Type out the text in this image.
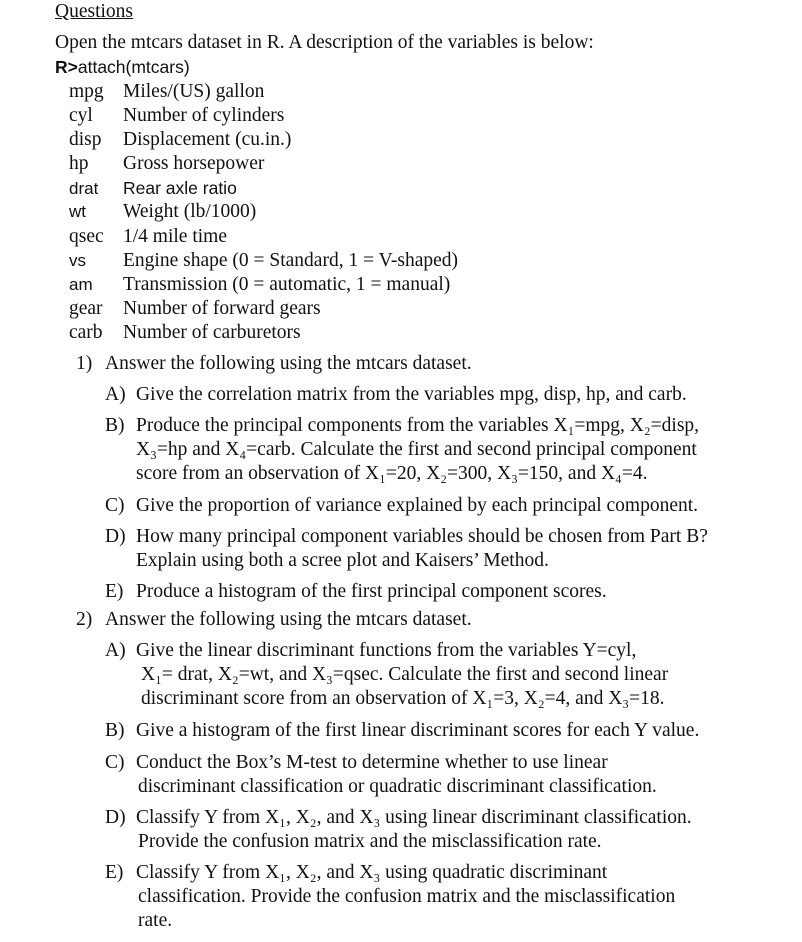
Questions
Open the mtcars dataset in R. A description of the variables is below:
R>attach(mtcars)
mpg Miles/(US) gallon
cyl Number of cylinders
disp Displacement (cu.in.)
hp Gross horsepower
drat Rear axle ratio
wt Weight (lb/1000)
qsec 1/4 mile time
vs Engine shape (0 = Standard, 1 = V-shaped)
am Transmission (0 = automatic, 1 = manual)
gear Number of forward gears
carb Number of carburetors
1) Answer the following using the mtcars dataset.
A) Give the correlation matrix from the variables mpg, disp, hp, and carb.
B) Produce the principal components from the variables X₁=mpg, X₂=disp,
X₃=hp and X₄=carb. Calculate the first and second principal component
score from an observation of X₁=20, X₂=300, X₃=150, and X₄=4.
C) Give the proportion of variance explained by each principal component.
D) How many principal component variables should be chosen from Part B?
Explain using both a scree plot and Kaisers’ Method.
E) Produce a histogram of the first principal component scores.
2) Answer the following using the mtcars dataset.
A) Give the linear discriminant functions from the variables Y=cyl,
X₁= drat, X₂=wt, and X₃=qsec. Calculate the first and second linear
discriminant score from an observation of X₁=3, X₂=4, and X₃=18.
B) Give a histogram of the first linear discriminant scores for each Y value.
C) Conduct the Box’s M-test to determine whether to use linear
discriminant classification or quadratic discriminant classification.
D) Classify Y from X₁, X₂, and X₃ using linear discriminant classification.
Provide the confusion matrix and the misclassification rate.
E) Classify Y from X₁, X₂, and X₃ using quadratic discriminant
classification. Provide the confusion matrix and the misclassification
rate.
